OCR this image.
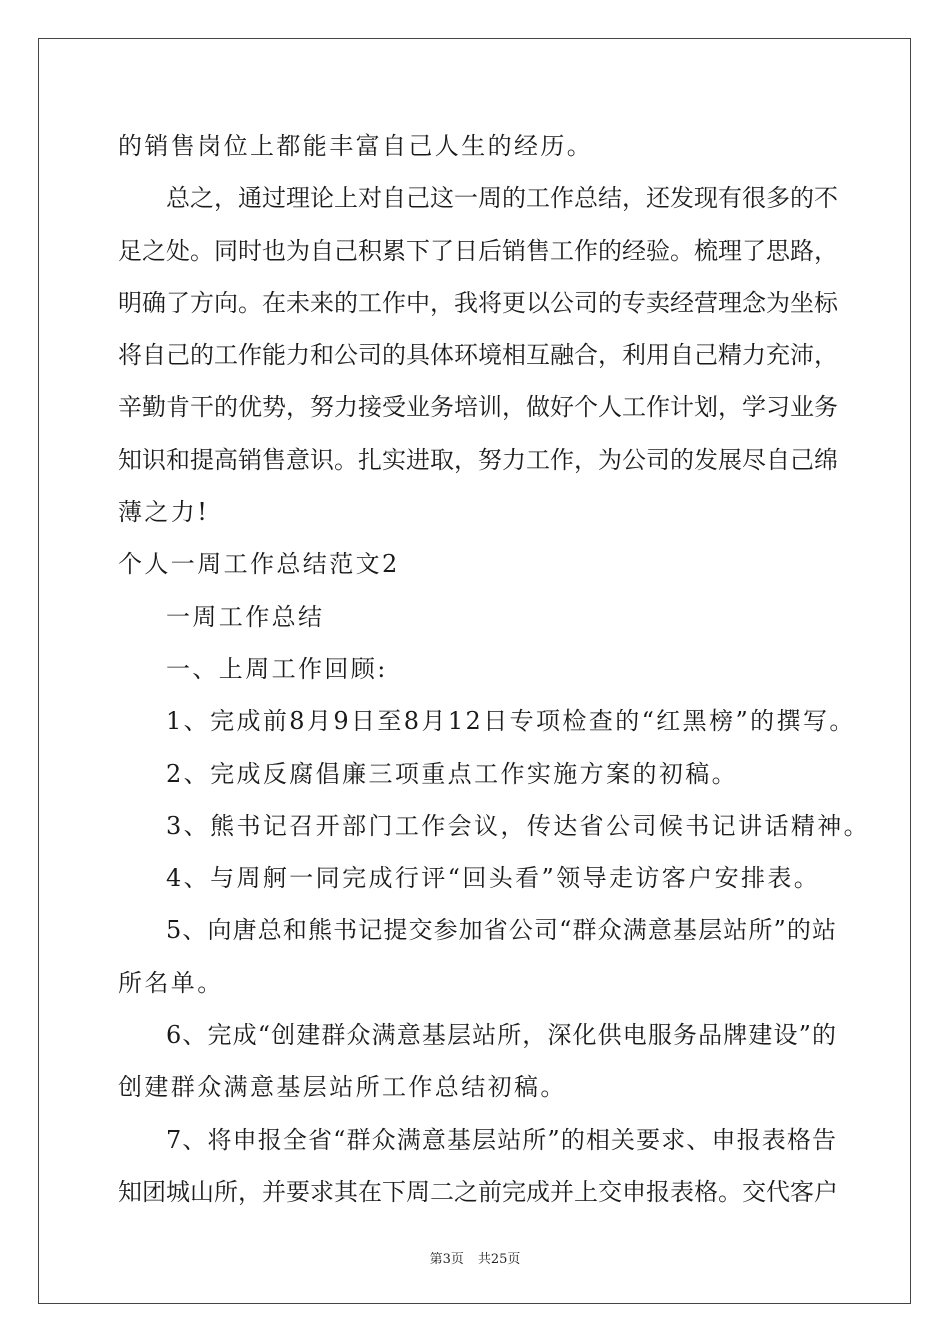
的销售岗位上都能丰富自己人生的经历。
总之，通过理论上对自己这一周的工作总结，还发现有很多的不
足之处。同时也为自己积累下了日后销售工作的经验。梳理了思路，
明确了方向。在未来的工作中，我将更以公司的专卖经营理念为坐标
将自己的工作能力和公司的具体环境相互融合，利用自己精力充沛，
辛勤肯干的优势，努力接受业务培训，做好个人工作计划，学习业务
知识和提高销售意识。扎实进取，努力工作，为公司的发展尽自己绵
薄之力!
个人一周工作总结范文2
一周工作总结
一、上周工作回顾:
1、完成前8月9日至8月12日专项检查的“红黑榜”的撰写。
2、完成反腐倡廉三项重点工作实施方案的初稿。
3、熊书记召开部门工作会议，传达省公司候书记讲话精神。
4、与周舸一同完成行评“回头看”领导走访客户安排表。
5、向唐总和熊书记提交参加省公司“群众满意基层站所”的站
所名单。
6、完成“创建群众满意基层站所，深化供电服务品牌建设”的
创建群众满意基层站所工作总结初稿。
7、将申报全省“群众满意基层站所”的相关要求、申报表格告
知团城山所，并要求其在下周二之前完成并上交申报表格。交代客户
第3页 共25页
